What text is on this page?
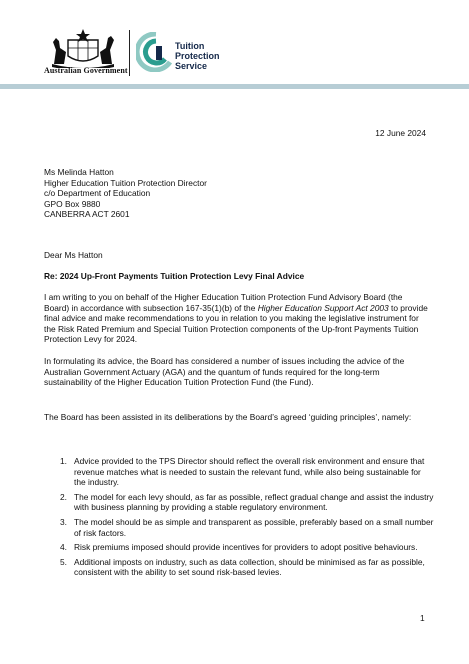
Australian Government
Tuition
Protection
Service
12 June 2024
Ms Melinda Hatton
Higher Education Tuition Protection Director
c/o Department of Education
GPO Box 9880
CANBERRA ACT 2601
Dear Ms Hatton
Re: 2024 Up-Front Payments Tuition Protection Levy Final Advice
I am writing to you on behalf of the Higher Education Tuition Protection Fund Advisory Board (the Board) in accordance with subsection 167-35(1)(b) of the Higher Education Support Act 2003 to provide final advice and make recommendations to you in relation to you making the legislative instrument for the Risk Rated Premium and Special Tuition Protection components of the Up-front Payments Tuition Protection Levy for 2024.
In formulating its advice, the Board has considered a number of issues including the advice of the Australian Government Actuary (AGA) and the quantum of funds required for the long-term sustainability of the Higher Education Tuition Protection Fund (the Fund).
The Board has been assisted in its deliberations by the Board’s agreed ‘guiding principles’, namely:
1. Advice provided to the TPS Director should reflect the overall risk environment and ensure that revenue matches what is needed to sustain the relevant fund, while also being sustainable for the industry.
2. The model for each levy should, as far as possible, reflect gradual change and assist the industry with business planning by providing a stable regulatory environment.
3. The model should be as simple and transparent as possible, preferably based on a small number of risk factors.
4. Risk premiums imposed should provide incentives for providers to adopt positive behaviours.
5. Additional imposts on industry, such as data collection, should be minimised as far as possible, consistent with the ability to set sound risk-based levies.
1
